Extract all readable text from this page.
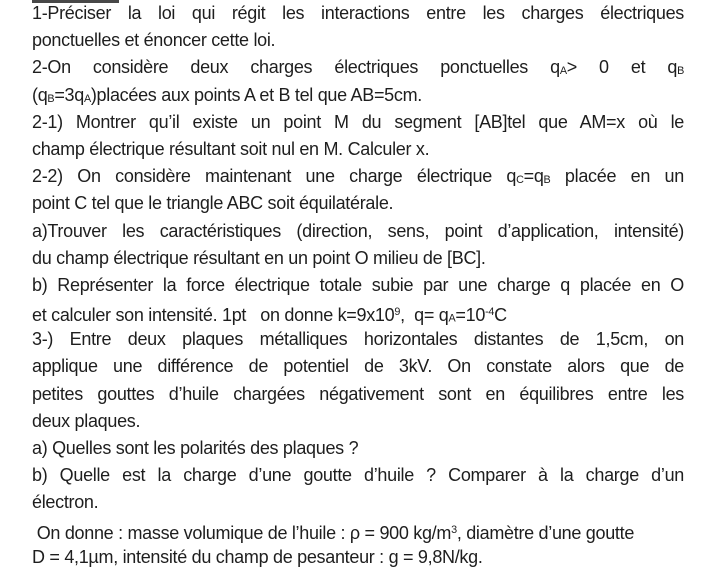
1-Préciser la loi qui régit les interactions entre les charges électriques
ponctuelles et énoncer cette loi.
2-On considère deux charges électriques ponctuelles qA> 0 et qB
(qB=3qA)placées aux points A et B tel que AB=5cm.
2-1) Montrer qu’il existe un point M du segment [AB]tel que AM=x où le
champ électrique résultant soit nul en M. Calculer x.
2-2) On considère maintenant une charge électrique qC=qB placée en un
point C tel que le triangle ABC soit équilatérale.
a)Trouver les caractéristiques (direction, sens, point d’application, intensité)
du champ électrique résultant en un point O milieu de [BC].
b) Représenter la force électrique totale subie par une charge q placée en O
et calculer son intensité. 1pt   on donne $k=9x10^9$,  $q= qA=10^{-4}C$
3-) Entre deux plaques métalliques horizontales distantes de 1,5cm, on
applique une différence de potentiel de 3kV. On constate alors que de
petites gouttes d’huile chargées négativement sont en équilibres entre les
deux plaques.
a) Quelles sont les polarités des plaques ?
b) Quelle est la charge d’une goutte d’huile ? Comparer à la charge d’un
électron.
On donne : masse volumique de l’huile : ρ = 900 $kg/m^3$, diamètre d’une goutte
D = 4,1µm, intensité du champ de pesanteur : g = 9,8N/kg.
